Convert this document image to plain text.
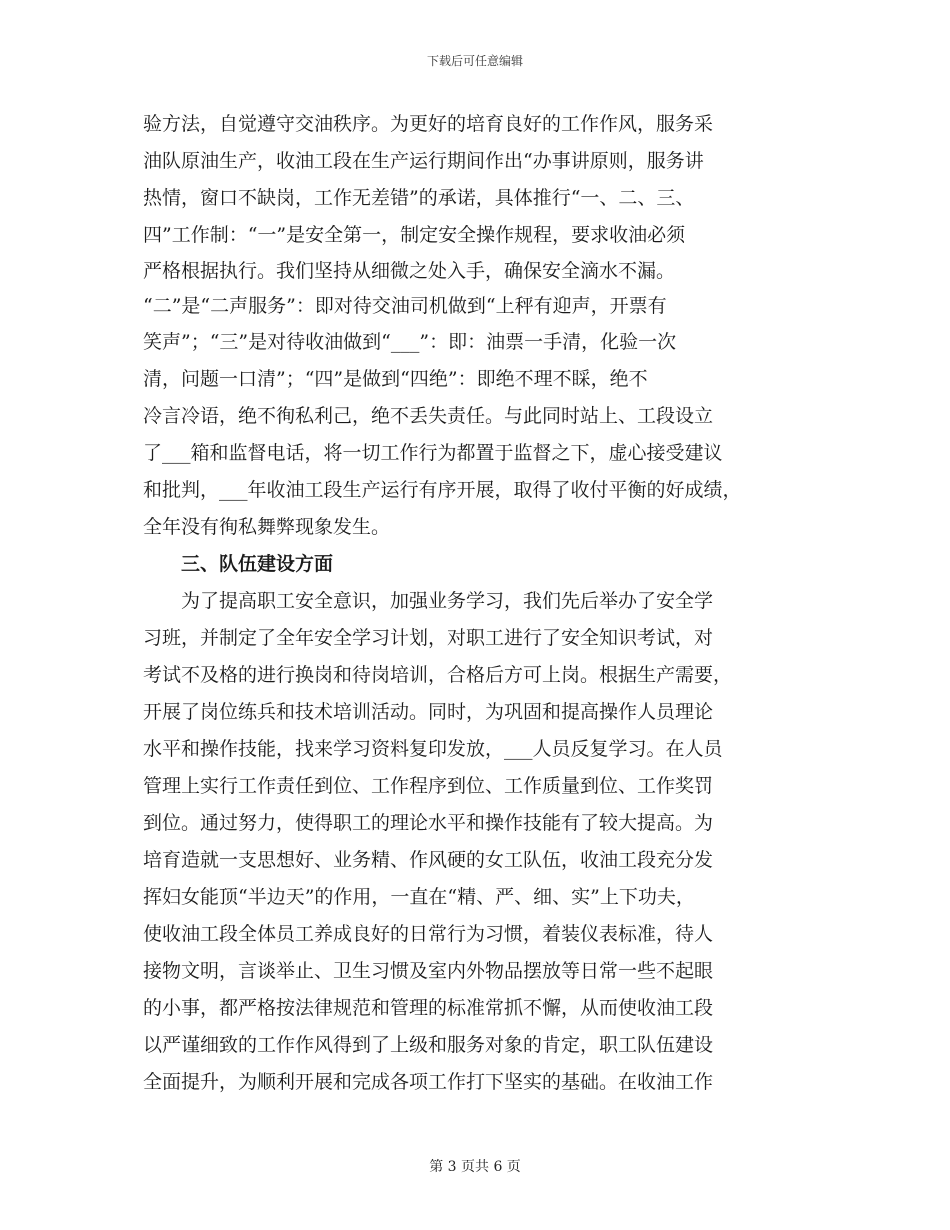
下载后可任意编辑
验方法，自觉遵守交油秩序。为更好的培育良好的工作作风，服务采
油队原油生产，收油工段在生产运行期间作出“办事讲原则，服务讲
热情，窗口不缺岗，工作无差错”的承诺，具体推行“一、二、三、
四”工作制：“一”是安全第一，制定安全操作规程，要求收油必须
严格根据执行。我们坚持从细微之处入手，确保安全滴水不漏。
“二”是“二声服务”：即对待交油司机做到“上秤有迎声，开票有
笑声”；“三”是对待收油做到“___”：即：油票一手清，化验一次
清，问题一口清”；“四”是做到“四绝”：即绝不理不睬，绝不
冷言冷语，绝不徇私利己，绝不丢失责任。与此同时站上、工段设立
了___箱和监督电话，将一切工作行为都置于监督之下，虚心接受建议
和批判，___年收油工段生产运行有序开展，取得了收付平衡的好成绩，
全年没有徇私舞弊现象发生。
三、队伍建设方面
　　为了提高职工安全意识，加强业务学习，我们先后举办了安全学
习班，并制定了全年安全学习计划，对职工进行了安全知识考试，对
考试不及格的进行换岗和待岗培训，合格后方可上岗。根据生产需要，
开展了岗位练兵和技术培训活动。同时，为巩固和提高操作人员理论
水平和操作技能，找来学习资料复印发放，___人员反复学习。在人员
管理上实行工作责任到位、工作程序到位、工作质量到位、工作奖罚
到位。通过努力，使得职工的理论水平和操作技能有了较大提高。为
培育造就一支思想好、业务精、作风硬的女工队伍，收油工段充分发
挥妇女能顶“半边天”的作用，一直在“精、严、细、实”上下功夫，
使收油工段全体员工养成良好的日常行为习惯，着装仪表标准，待人
接物文明，言谈举止、卫生习惯及室内外物品摆放等日常一些不起眼
的小事，都严格按法律规范和管理的标准常抓不懈，从而使收油工段
以严谨细致的工作作风得到了上级和服务对象的肯定，职工队伍建设
全面提升，为顺利开展和完成各项工作打下坚实的基础。在收油工作
第 3 页共 6 页
